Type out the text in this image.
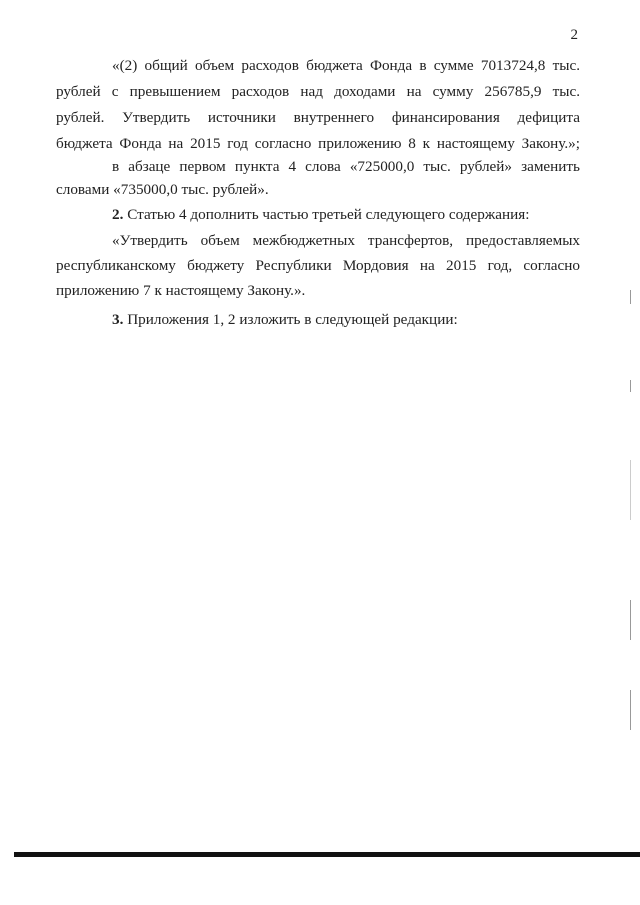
2
«(2) общий объем расходов бюджета Фонда в сумме 7013724,8 тыс.
рублей с превышением расходов над доходами на сумму 256785,9 тыс.
рублей. Утвердить источники внутреннего финансирования дефицита
бюджета Фонда на 2015 год согласно приложению 8 к настоящему Закону.»;
в абзаце первом пункта 4 слова «725000,0 тыс. рублей» заменить
словами «735000,0 тыс. рублей».
2. Статью 4 дополнить частью третьей следующего содержания:
«Утвердить объем межбюджетных трансфертов, предоставляемых
республиканскому бюджету Республики Мордовия на 2015 год, согласно
приложению 7 к настоящему Закону.».
3. Приложения 1, 2 изложить в следующей редакции:
